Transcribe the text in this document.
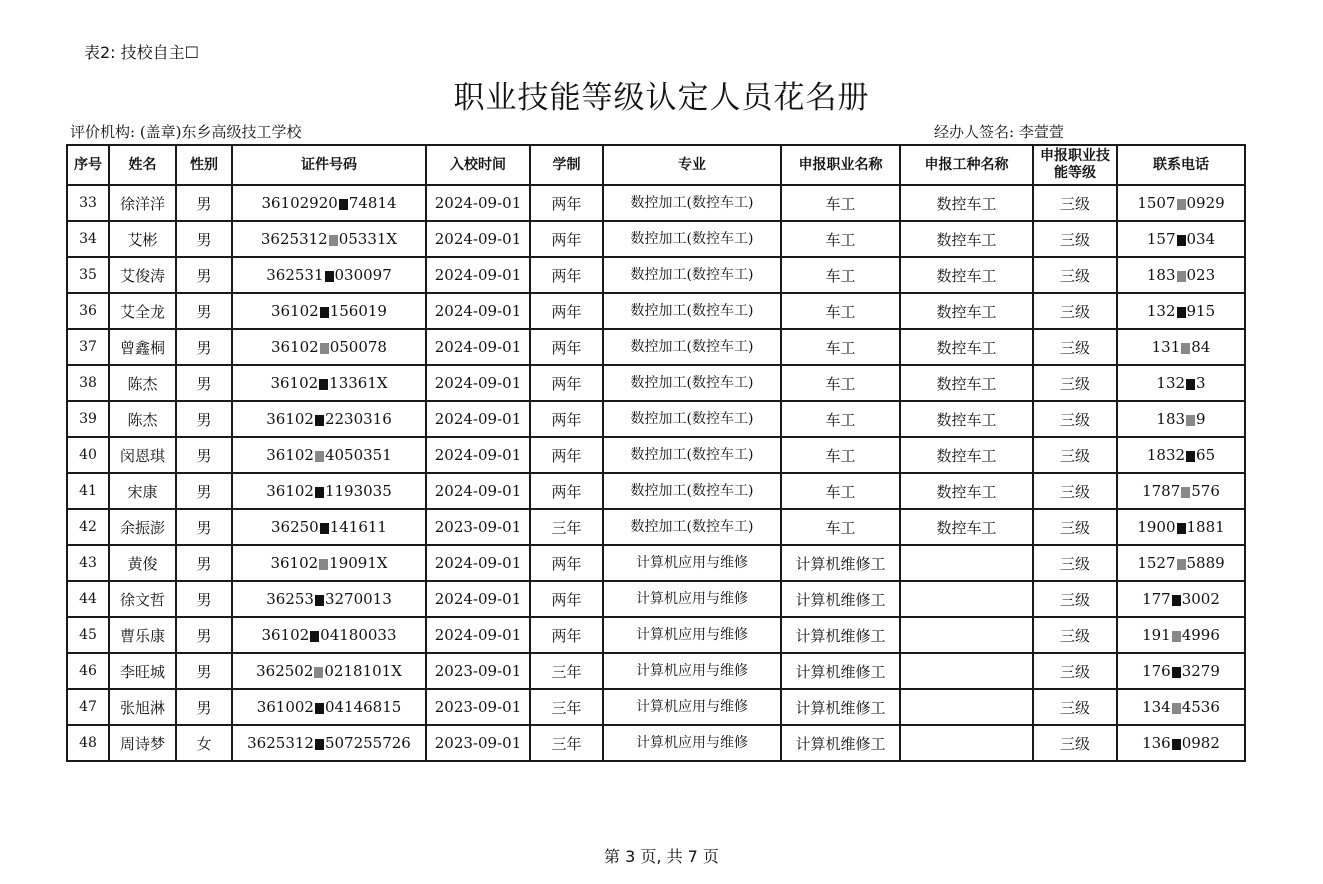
表2: 技校自主☐
职业技能等级认定人员花名册
评价机构: (盖章)东乡高级技工学校	经办人签名: 李萱萱
序号	姓名	性别	证件号码	入校时间	学制	专业	申报职业名称	申报工种名称	申报职业技能等级	联系电话
33	徐洋洋	男	36102920 74814	2024-09-01	两年	数控加工(数控车工)	车工	数控车工	三级	1507 0929
34	艾彬	男	3625312 05331X	2024-09-01	两年	数控加工(数控车工)	车工	数控车工	三级	157 034
35	艾俊涛	男	362531 030097	2024-09-01	两年	数控加工(数控车工)	车工	数控车工	三级	183 023
36	艾全龙	男	36102 156019	2024-09-01	两年	数控加工(数控车工)	车工	数控车工	三级	132 915
37	曾鑫桐	男	36102 050078	2024-09-01	两年	数控加工(数控车工)	车工	数控车工	三级	131 84
38	陈杰	男	36102 13361X	2024-09-01	两年	数控加工(数控车工)	车工	数控车工	三级	132 3
39	陈杰	男	36102 2230316	2024-09-01	两年	数控加工(数控车工)	车工	数控车工	三级	183 9
40	闵恩琪	男	36102 4050351	2024-09-01	两年	数控加工(数控车工)	车工	数控车工	三级	1832 65
41	宋康	男	36102 1193035	2024-09-01	两年	数控加工(数控车工)	车工	数控车工	三级	1787 576
42	余振澎	男	36250 141611	2023-09-01	三年	数控加工(数控车工)	车工	数控车工	三级	1900 1881
43	黄俊	男	36102 19091X	2024-09-01	两年	计算机应用与维修	计算机维修工		三级	1527 5889
44	徐文哲	男	36253 3270013	2024-09-01	两年	计算机应用与维修	计算机维修工		三级	177 3002
45	曹乐康	男	36102 04180033	2024-09-01	两年	计算机应用与维修	计算机维修工		三级	191 4996
46	李旺城	男	362502 0218101X	2023-09-01	三年	计算机应用与维修	计算机维修工		三级	176 3279
47	张旭淋	男	361002 04146815	2023-09-01	三年	计算机应用与维修	计算机维修工		三级	134 4536
48	周诗梦	女	3625312 507255726	2023-09-01	三年	计算机应用与维修	计算机维修工		三级	136 0982
第 3 页, 共 7 页
